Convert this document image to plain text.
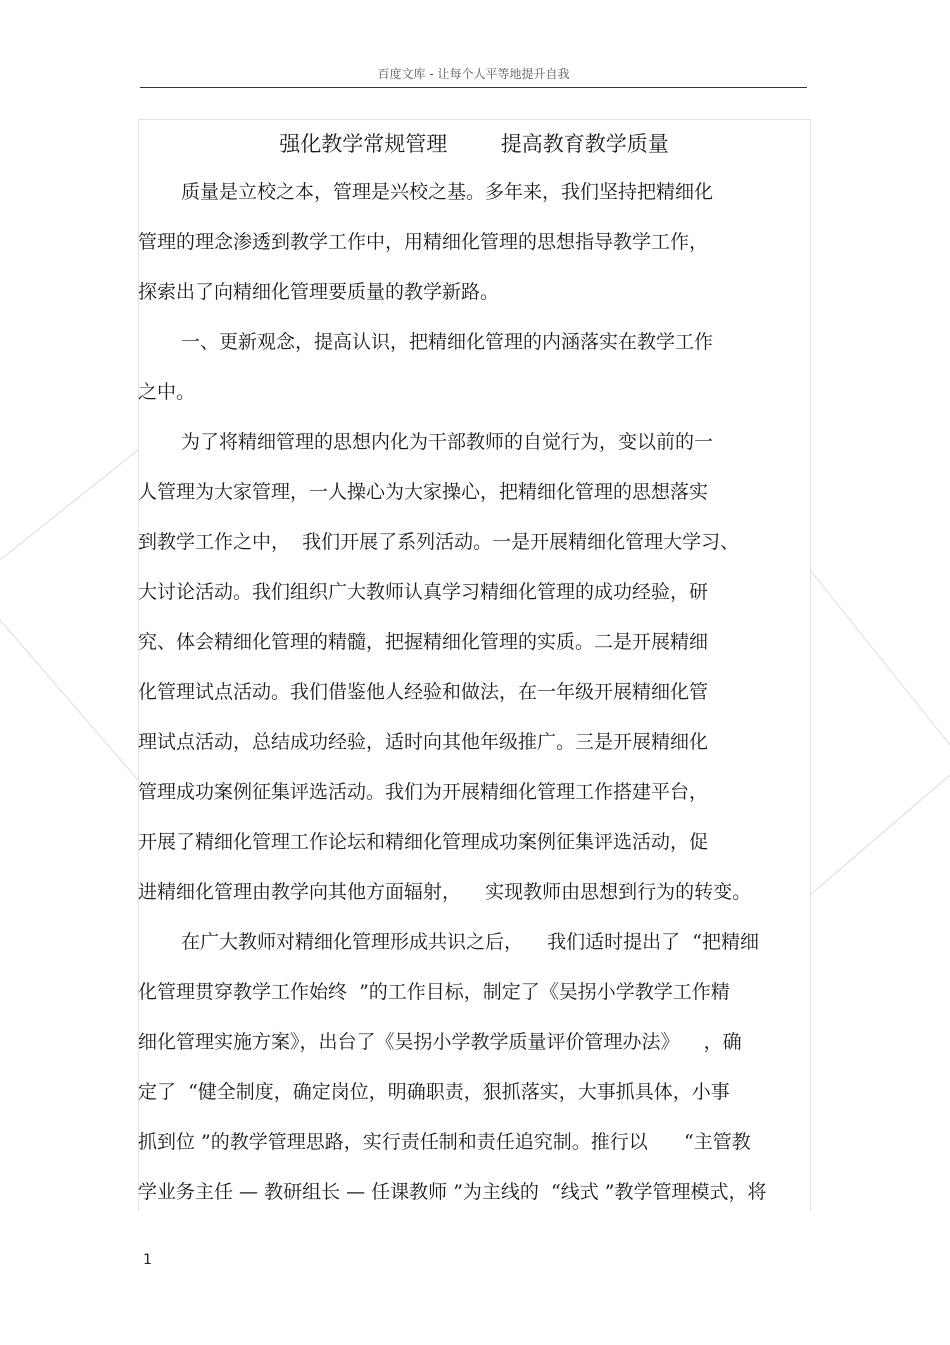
百度文库 - 让每个人平等地提升自我
强化教学常规管理        提高教育教学质量
质量是立校之本，管理是兴校之基。多年来，我们坚持把精细化
管理的理念渗透到教学工作中，用精细化管理的思想指导教学工作，
探索出了向精细化管理要质量的教学新路。
一、更新观念，提高认识，把精细化管理的内涵落实在教学工作
之中。
为了将精细管理的思想内化为干部教师的自觉行为，变以前的一
人管理为大家管理，一人操心为大家操心，把精细化管理的思想落实
到教学工作之中，  我们开展了系列活动。一是开展精细化管理大学习、
大讨论活动。我们组织广大教师认真学习精细化管理的成功经验，研
究、体会精细化管理的精髓，把握精细化管理的实质。二是开展精细
化管理试点活动。我们借鉴他人经验和做法，在一年级开展精细化管
理试点活动，总结成功经验，适时向其他年级推广。三是开展精细化
管理成功案例征集评选活动。我们为开展精细化管理工作搭建平台，
开展了精细化管理工作论坛和精细化管理成功案例征集评选活动，促
进精细化管理由教学向其他方面辐射，    实现教师由思想到行为的转变。
在广大教师对精细化管理形成共识之后，    我们适时提出了  “把精细
化管理贯穿教学工作始终  ”的工作目标，制定了《吴拐小学教学工作精
细化管理实施方案》，出台了《吴拐小学教学质量评价管理办法》    ，确
定了  “健全制度，确定岗位，明确职责，狠抓落实，大事抓具体，小事
抓到位 ”的教学管理思路，实行责任制和责任追究制。推行以      “主管教
学业务主任 — 教研组长 — 任课教师 ”为主线的  “线式 ”教学管理模式，将
1
